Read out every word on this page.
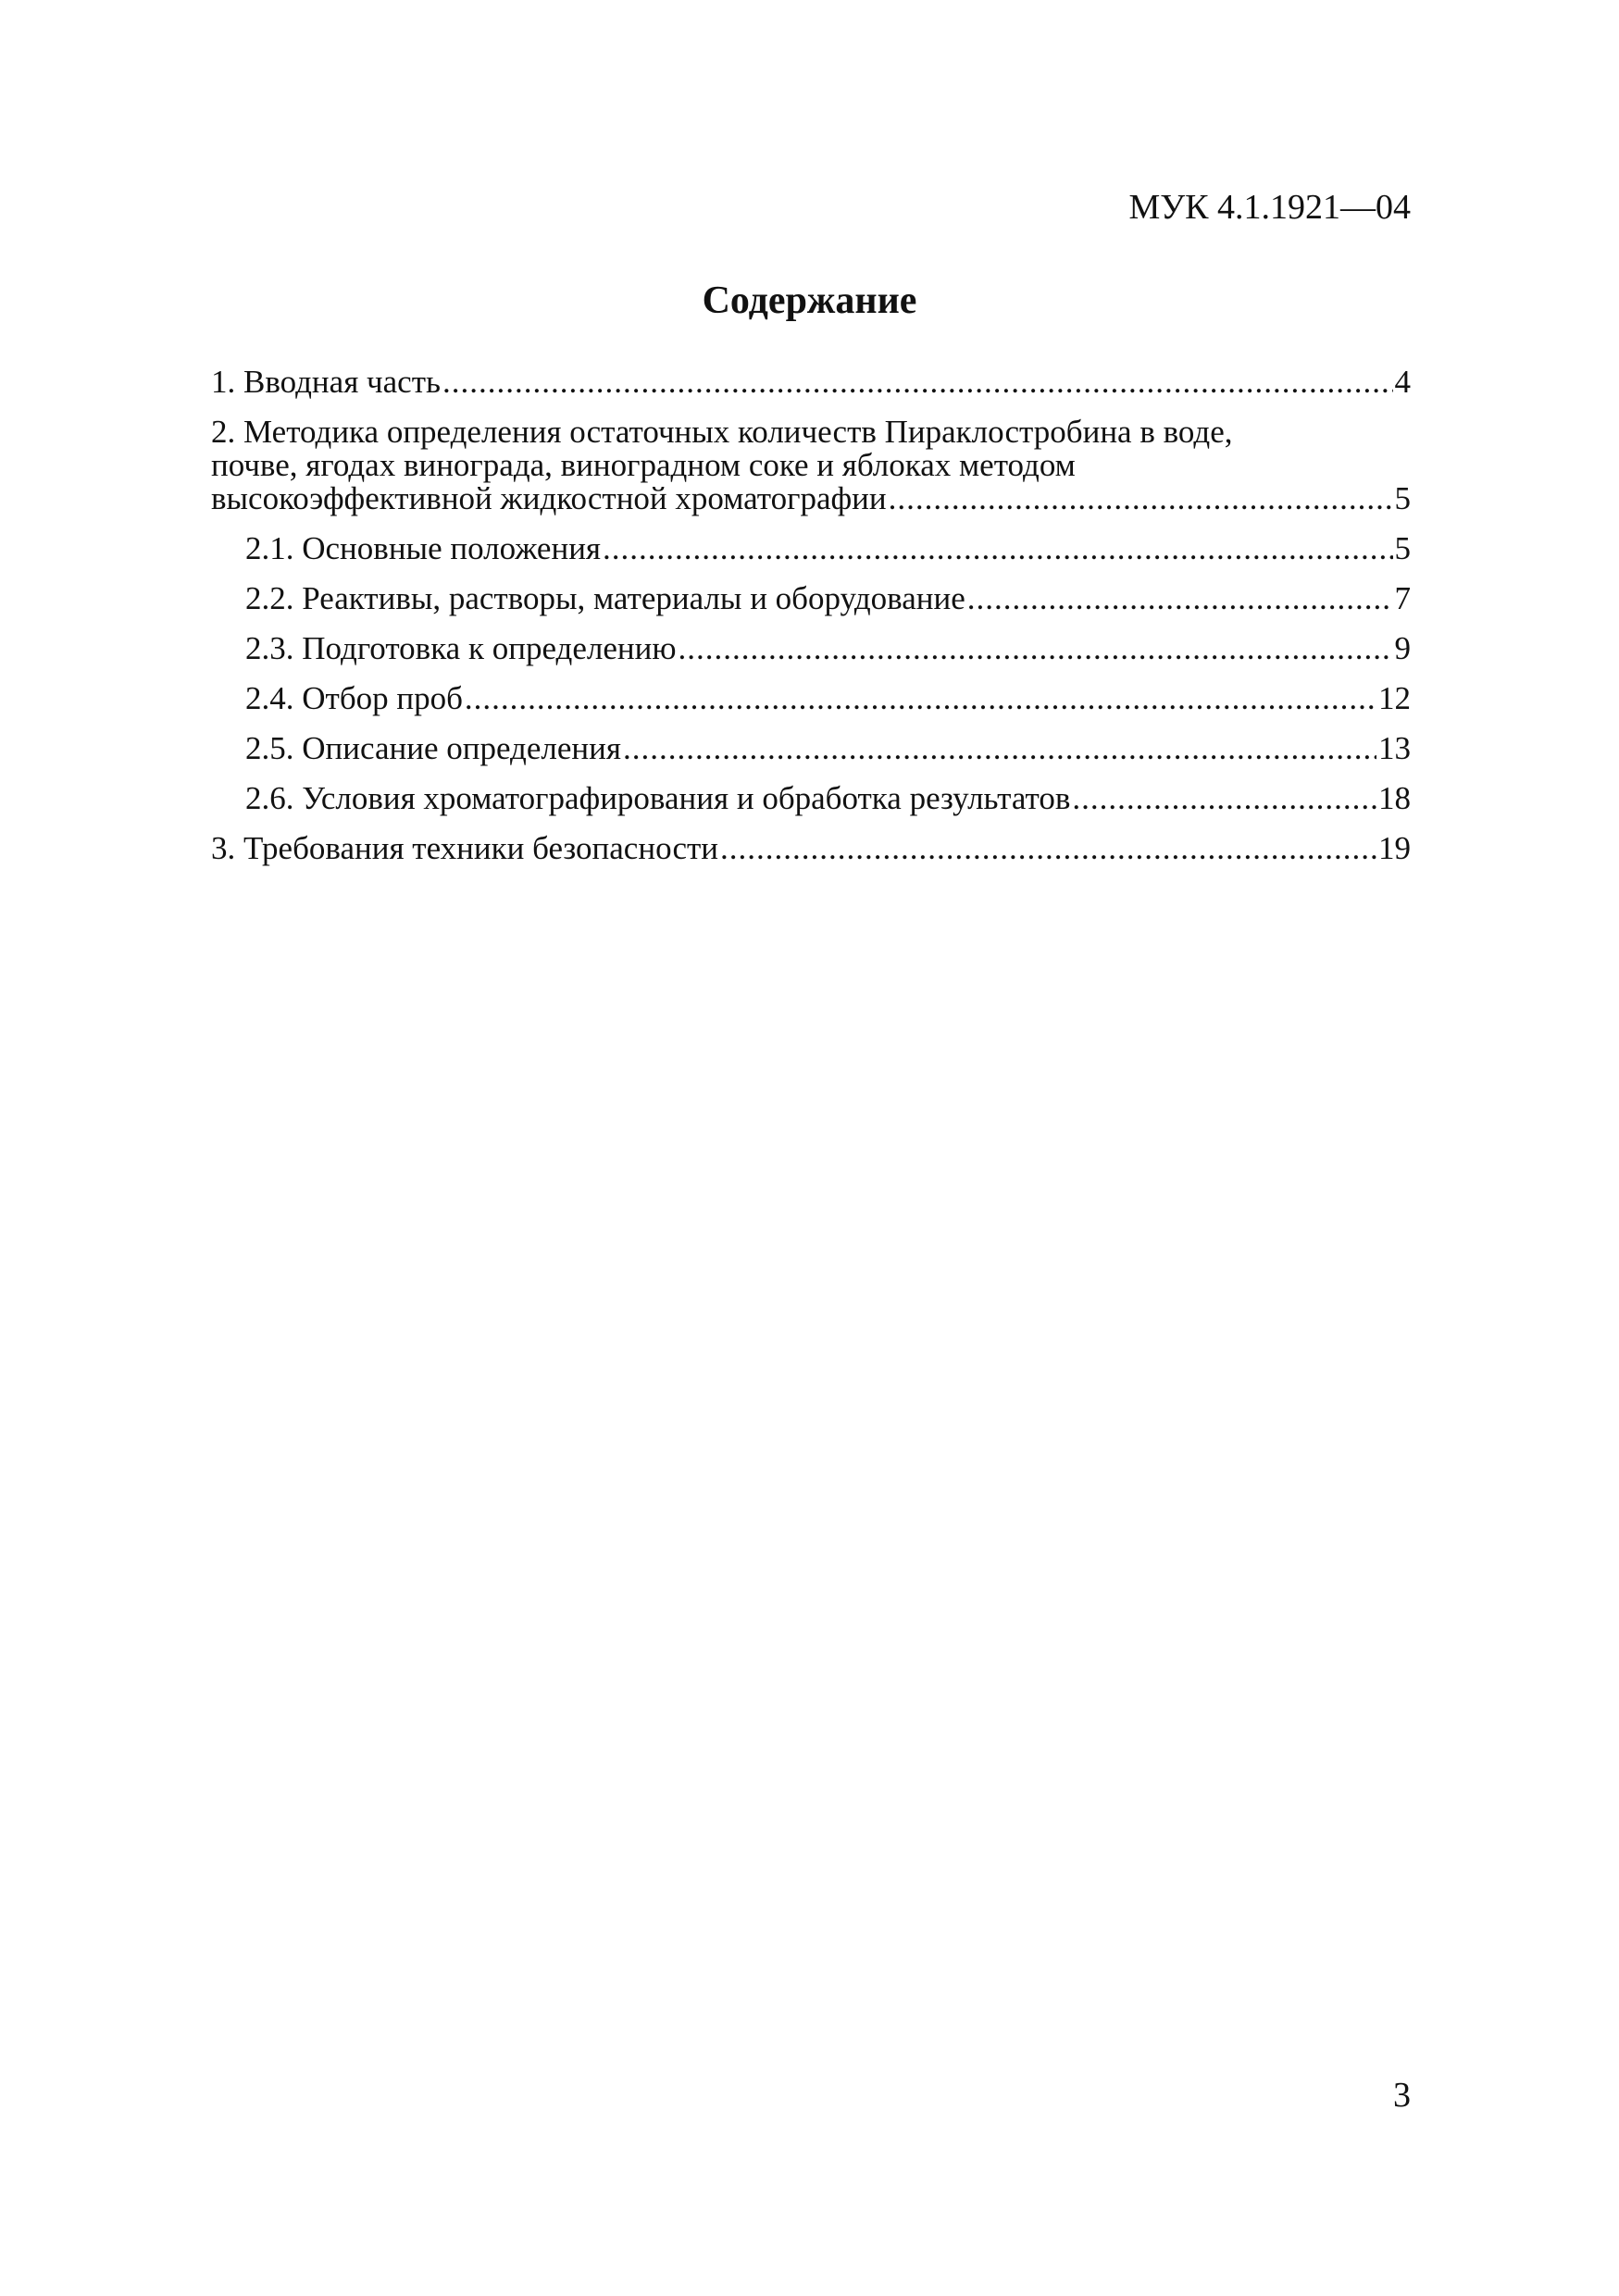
МУК 4.1.1921—04
Содержание
1. Вводная часть .....	4
2. Методика определения остаточных количеств Пираклостробина в воде,
почве, ягодах винограда, виноградном соке и яблоках методом
высокоэффективной жидкостной хроматографии .....	5
2.1. Основные положения .....	5
2.2. Реактивы, растворы, материалы и оборудование .....	7
2.3. Подготовка к определению .....	9
2.4. Отбор проб .....	12
2.5. Описание определения .....	13
2.6. Условия хроматографирования и обработка результатов .....	18
3. Требования техники безопасности .....	19
3
